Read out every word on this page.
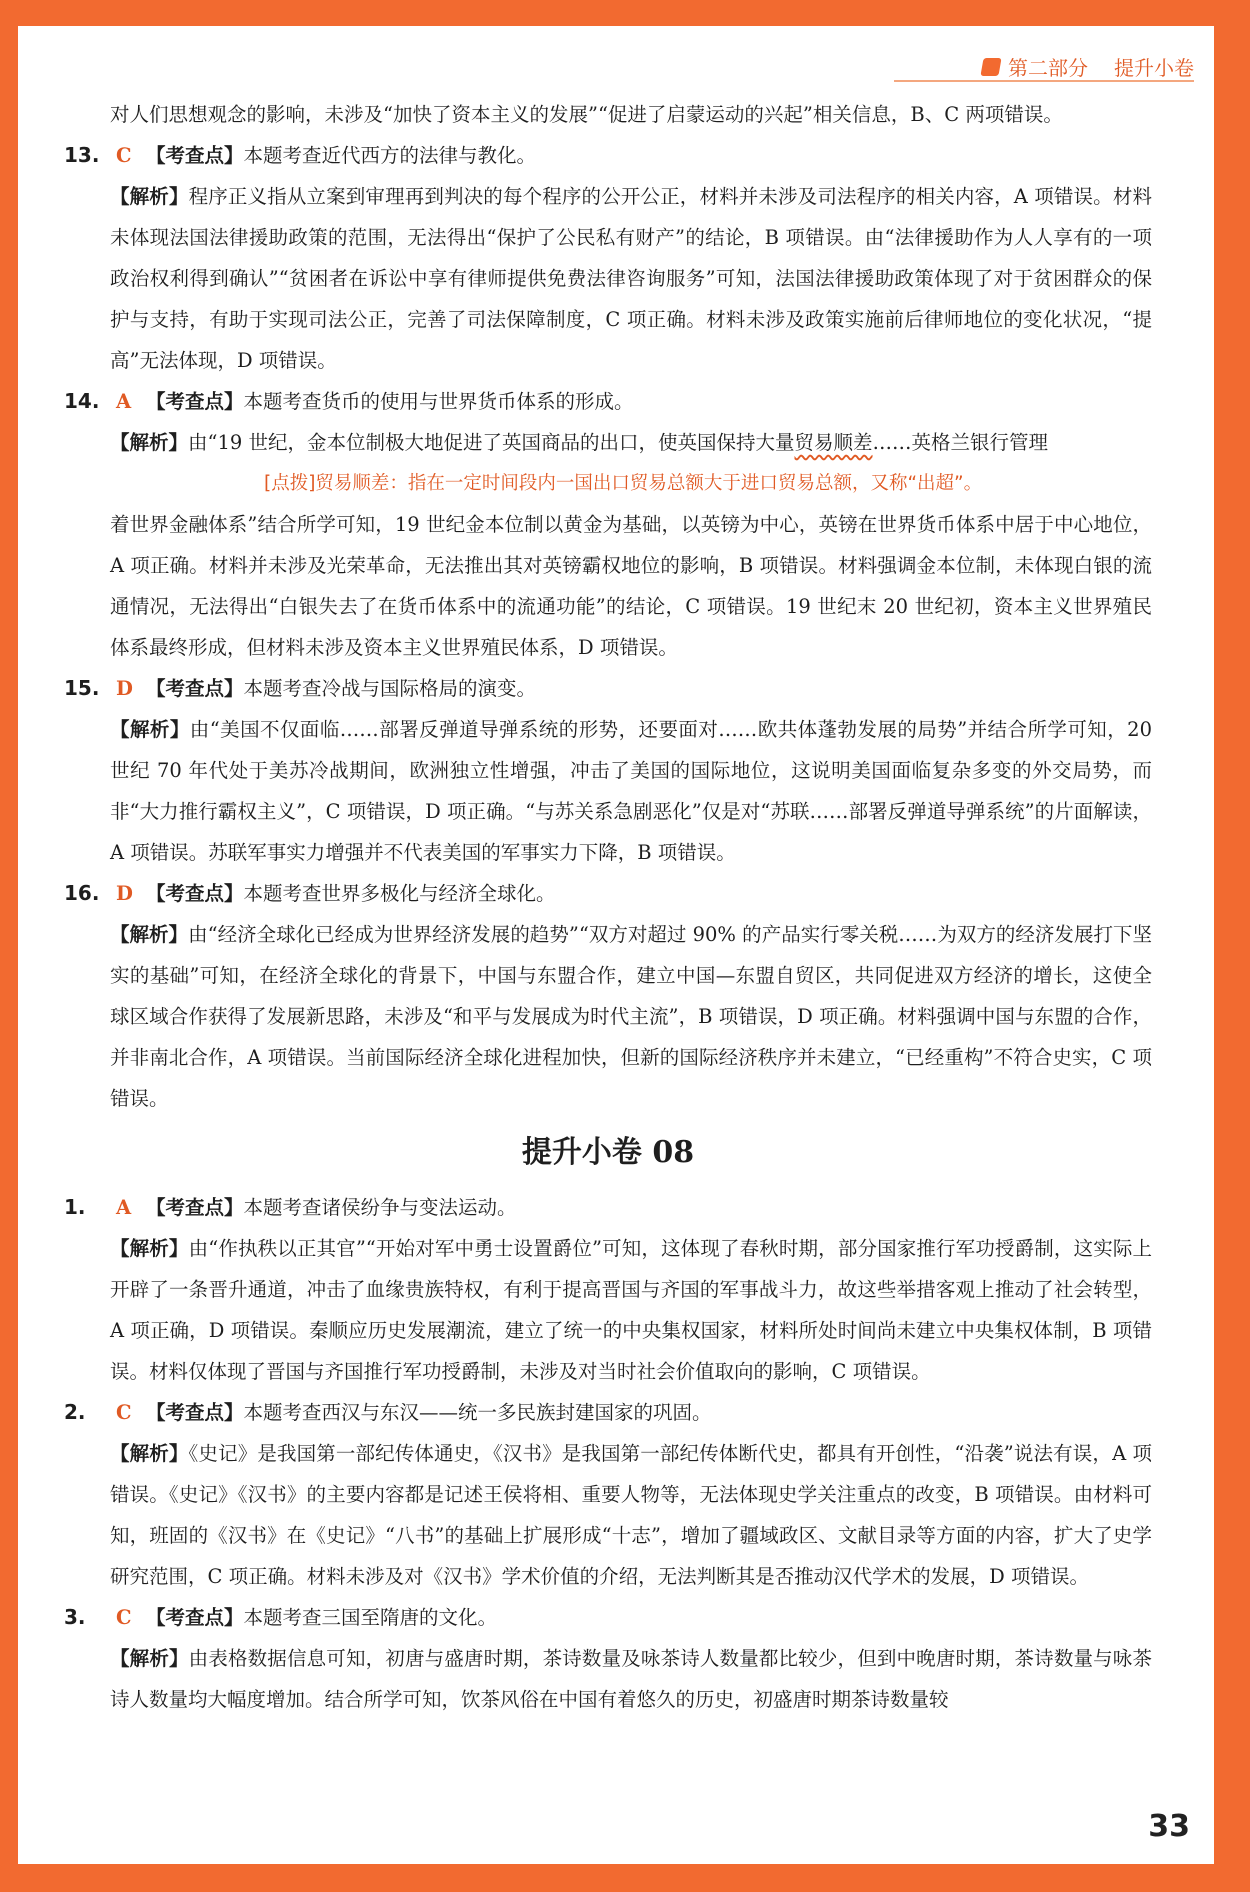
第二部分 提升小卷

对人们思想观念的影响，未涉及“加快了资本主义的发展”“促进了启蒙运动的兴起”相关信息，B、C 两项错误。

13. C 【考查点】本题考查近代西方的法律与教化。

【解析】程序正义指从立案到审理再到判决的每个程序的公开公正，材料并未涉及司法程序的相关内容，A 项错误。材料未体现法国法律援助政策的范围，无法得出“保护了公民私有财产”的结论，B 项错误。由“法律援助作为人人享有的一项政治权利得到确认”“贫困者在诉讼中享有律师提供免费法律咨询服务”可知，法国法律援助政策体现了对于贫困群众的保护与支持，有助于实现司法公正，完善了司法保障制度，C 项正确。材料未涉及政策实施前后律师地位的变化状况，“提高”无法体现，D 项错误。

14. A 【考查点】本题考查货币的使用与世界货币体系的形成。

【解析】由“19 世纪，金本位制极大地促进了英国商品的出口，使英国保持大量贸易顺差……英格兰银行管理

[点拨]贸易顺差：指在一定时间段内一国出口贸易总额大于进口贸易总额，又称“出超”。

着世界金融体系”结合所学可知，19 世纪金本位制以黄金为基础，以英镑为中心，英镑在世界货币体系中居于中心地位，A 项正确。材料并未涉及光荣革命，无法推出其对英镑霸权地位的影响，B 项错误。材料强调金本位制，未体现白银的流通情况，无法得出“白银失去了在货币体系中的流通功能”的结论，C 项错误。19 世纪末 20 世纪初，资本主义世界殖民体系最终形成，但材料未涉及资本主义世界殖民体系，D 项错误。

15. D 【考查点】本题考查冷战与国际格局的演变。

【解析】由“美国不仅面临……部署反弹道导弹系统的形势，还要面对……欧共体蓬勃发展的局势”并结合所学可知，20 世纪 70 年代处于美苏冷战期间，欧洲独立性增强，冲击了美国的国际地位，这说明美国面临复杂多变的外交局势，而非“大力推行霸权主义”，C 项错误，D 项正确。“与苏关系急剧恶化”仅是对“苏联……部署反弹道导弹系统”的片面解读，A 项错误。苏联军事实力增强并不代表美国的军事实力下降，B 项错误。

16. D 【考查点】本题考查世界多极化与经济全球化。

【解析】由“经济全球化已经成为世界经济发展的趋势”“双方对超过 90% 的产品实行零关税……为双方的经济发展打下坚实的基础”可知，在经济全球化的背景下，中国与东盟合作，建立中国—东盟自贸区，共同促进双方经济的增长，这使全球区域合作获得了发展新思路，未涉及“和平与发展成为时代主流”，B 项错误，D 项正确。材料强调中国与东盟的合作，并非南北合作，A 项错误。当前国际经济全球化进程加快，但新的国际经济秩序并未建立，“已经重构”不符合史实，C 项错误。

提升小卷 08
1.	A 【考查点】本题考查诸侯纷争与变法运动。

【解析】由“作执秩以正其官”“开始对军中勇士设置爵位”可知，这体现了春秋时期，部分国家推行军功授爵制，这实际上开辟了一条晋升通道，冲击了血缘贵族特权，有利于提高晋国与齐国的军事战斗力，故这些举措客观上推动了社会转型，A 项正确，D 项错误。秦顺应历史发展潮流，建立了统一的中央集权国家，材料所处时间尚未建立中央集权体制，B 项错误。材料仅体现了晋国与齐国推行军功授爵制，未涉及对当时社会价值取向的影响，C 项错误。

2.	C 【考查点】本题考查西汉与东汉——统一多民族封建国家的巩固。

【解析】《史记》是我国第一部纪传体通史，《汉书》是我国第一部纪传体断代史，都具有开创性，“沿袭”说法有误，A 项错误。《史记》《汉书》的主要内容都是记述王侯将相、重要人物等，无法体现史学关注重点的改变，B 项错误。由材料可知，班固的《汉书》在《史记》“八书”的基础上扩展形成“十志”，增加了疆域政区、文献目录等方面的内容，扩大了史学研究范围，C 项正确。材料未涉及对《汉书》学术价值的介绍，无法判断其是否推动汉代学术的发展，D 项错误。

3.	C 【考查点】本题考查三国至隋唐的文化。

【解析】由表格数据信息可知，初唐与盛唐时期，茶诗数量及咏茶诗人数量都比较少，但到中晚唐时期，茶诗数量与咏茶诗人数量均大幅度增加。结合所学可知，饮茶风俗在中国有着悠久的历史，初盛唐时期茶诗数量较

33
